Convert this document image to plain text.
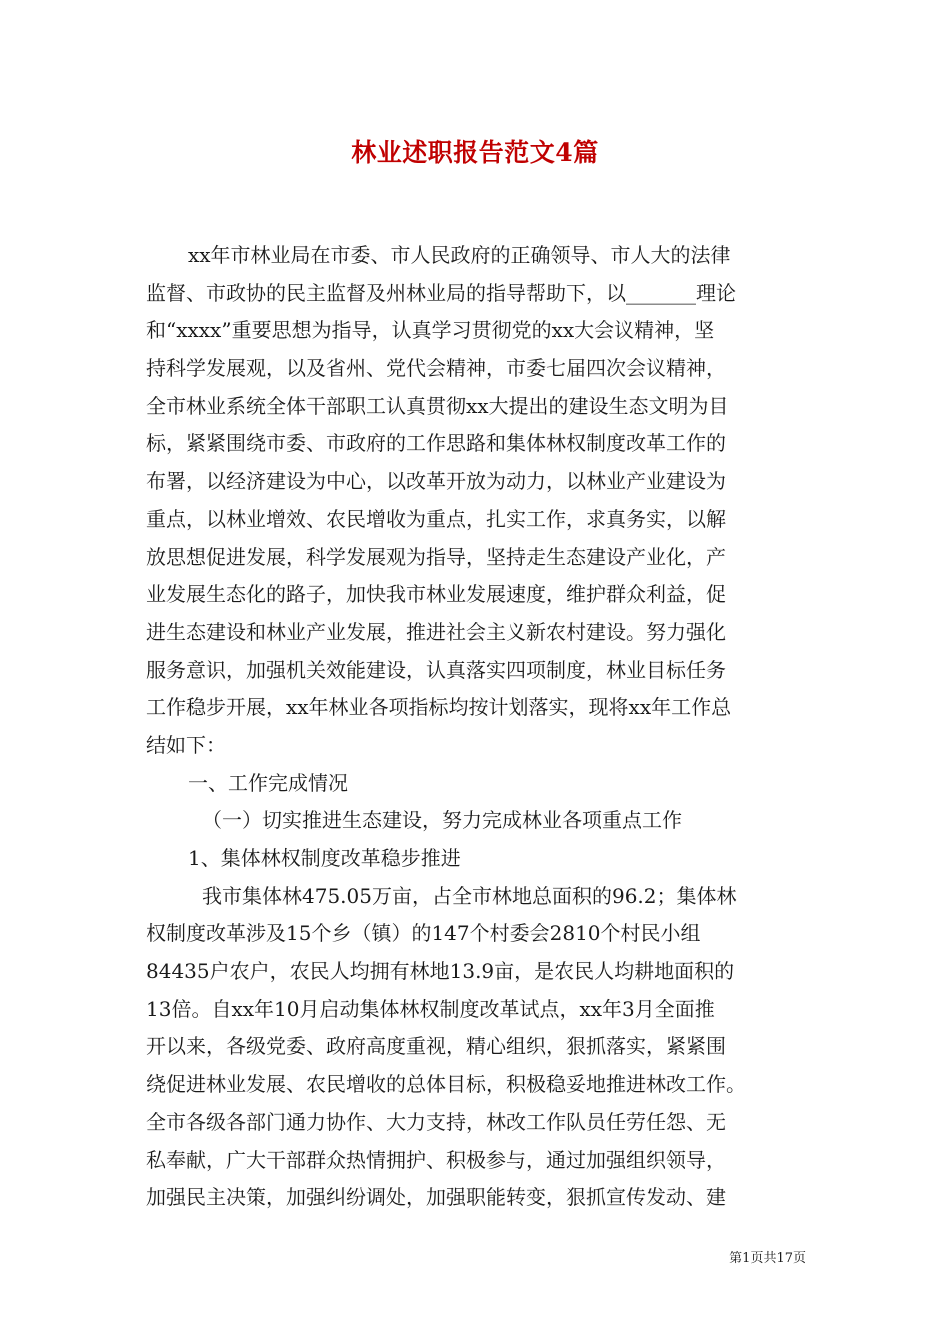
林业述职报告范文4篇
xx年市林业局在市委、市人民政府的正确领导、市人大的法律
监督、市政协的民主监督及州林业局的指导帮助下，以_______理论
和“xxxx”重要思想为指导，认真学习贯彻党的xx大会议精神，坚
持科学发展观，以及省州、党代会精神，市委七届四次会议精神，
全市林业系统全体干部职工认真贯彻xx大提出的建设生态文明为目
标，紧紧围绕市委、市政府的工作思路和集体林权制度改革工作的
布署，以经济建设为中心，以改革开放为动力，以林业产业建设为
重点，以林业增效、农民增收为重点，扎实工作，求真务实，以解
放思想促进发展，科学发展观为指导，坚持走生态建设产业化，产
业发展生态化的路子，加快我市林业发展速度，维护群众利益，促
进生态建设和林业产业发展，推进社会主义新农村建设。努力强化
服务意识，加强机关效能建设，认真落实四项制度，林业目标任务
工作稳步开展，xx年林业各项指标均按计划落实，现将xx年工作总
结如下：
一、工作完成情况
（一）切实推进生态建设，努力完成林业各项重点工作
1、集体林权制度改革稳步推进
我市集体林475.05万亩，占全市林地总面积的96.2；集体林
权制度改革涉及15个乡（镇）的147个村委会2810个村民小组
84435户农户，农民人均拥有林地13.9亩，是农民人均耕地面积的
13倍。自xx年10月启动集体林权制度改革试点，xx年3月全面推
开以来，各级党委、政府高度重视，精心组织，狠抓落实，紧紧围
绕促进林业发展、农民增收的总体目标，积极稳妥地推进林改工作。
全市各级各部门通力协作、大力支持，林改工作队员任劳任怨、无
私奉献，广大干部群众热情拥护、积极参与，通过加强组织领导，
加强民主决策，加强纠纷调处，加强职能转变，狠抓宣传发动、建
第1页共17页
